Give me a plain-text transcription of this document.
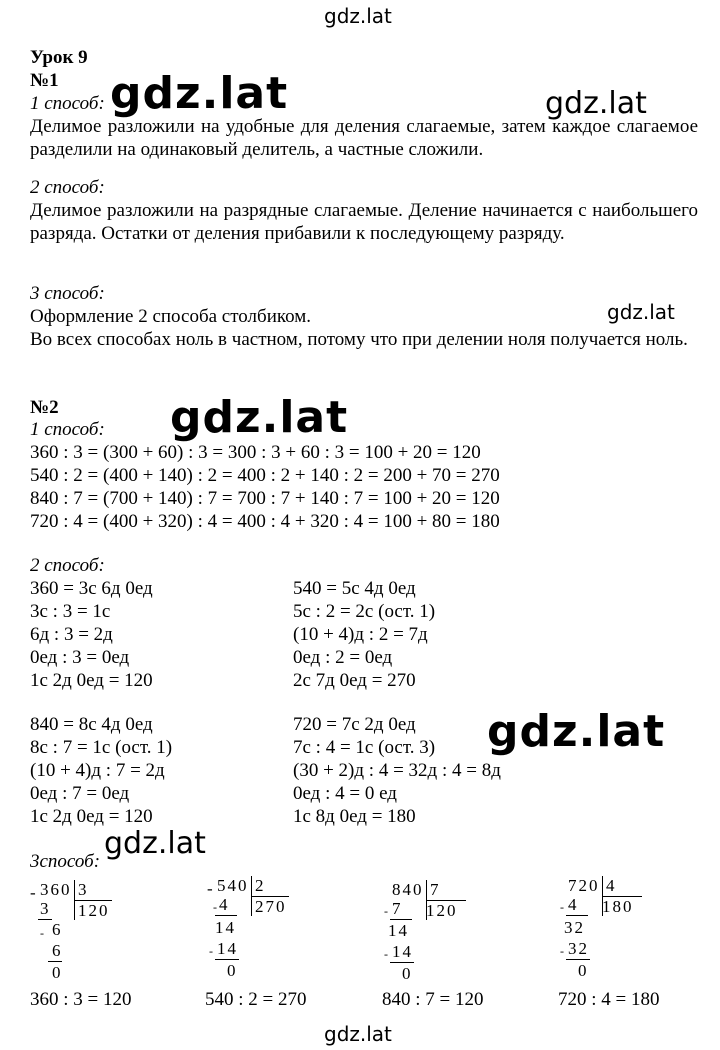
gdz.lat
gdz.lat	gdz.lat
gdz.lat
gdz.lat
gdz.lat
gdz.lat
gdz.lat
Урок 9
№1
1 способ:
Делимое разложили на удобные для деления слагаемые, затем каждое слагаемое разделили на одинаковый делитель, а частные сложили.
2 способ:
Делимое разложили на разрядные слагаемые. Деление начинается с наибольшего разряда. Остатки от деления прибавили к последующему разряду.
3 способ:
Оформление 2 способа столбиком.
Во всех способах ноль в частном, потому что при делении ноля получается ноль.
№2
1 способ:
360 : 3 = (300 + 60) : 3 = 300 : 3 + 60 : 3 = 100 + 20 = 120
540 : 2 = (400 + 140) : 2 = 400 : 2 + 140 : 2 = 200 + 70 = 270
840 : 7 = (700 + 140) : 7 = 700 : 7 + 140 : 7 = 100 + 20 = 120
720 : 4 = (400 + 320) : 4 = 400 : 4 + 320 : 4 = 100 + 80 = 180
2 способ:
360 = 3с 6д 0ед
3с : 3 = 1с
6д : 3 = 2д
0ед : 3 = 0ед
1с 2д 0ед = 120
540 = 5с 4д 0ед
5с : 2 = 2с (ост. 1)
(10 + 4)д : 2 = 7д
0ед : 2 = 0ед
2с 7д 0ед = 270
840 = 8с 4д 0ед
8с : 7 = 1с (ост. 1)
(10 + 4)д : 7 = 2д
0ед : 7 = 0ед
1с 2д 0ед = 120
720 = 7с 2д 0ед
7с : 4 = 1с (ост. 3)
(30 + 2)д : 4 = 32д : 4 = 8д
0ед : 4 = 0 ед
1с 8д 0ед = 180
3способ:
- 360 3
120
3
- 6
6
0
- 540 2
270
- 4
14
- 14
0
840 7
120
- 7
14
- 14
0
720 4
180
- 4
32
- 32
0
360 : 3 = 120	540 : 2 = 270	840 : 7 = 120	720 : 4 = 180
